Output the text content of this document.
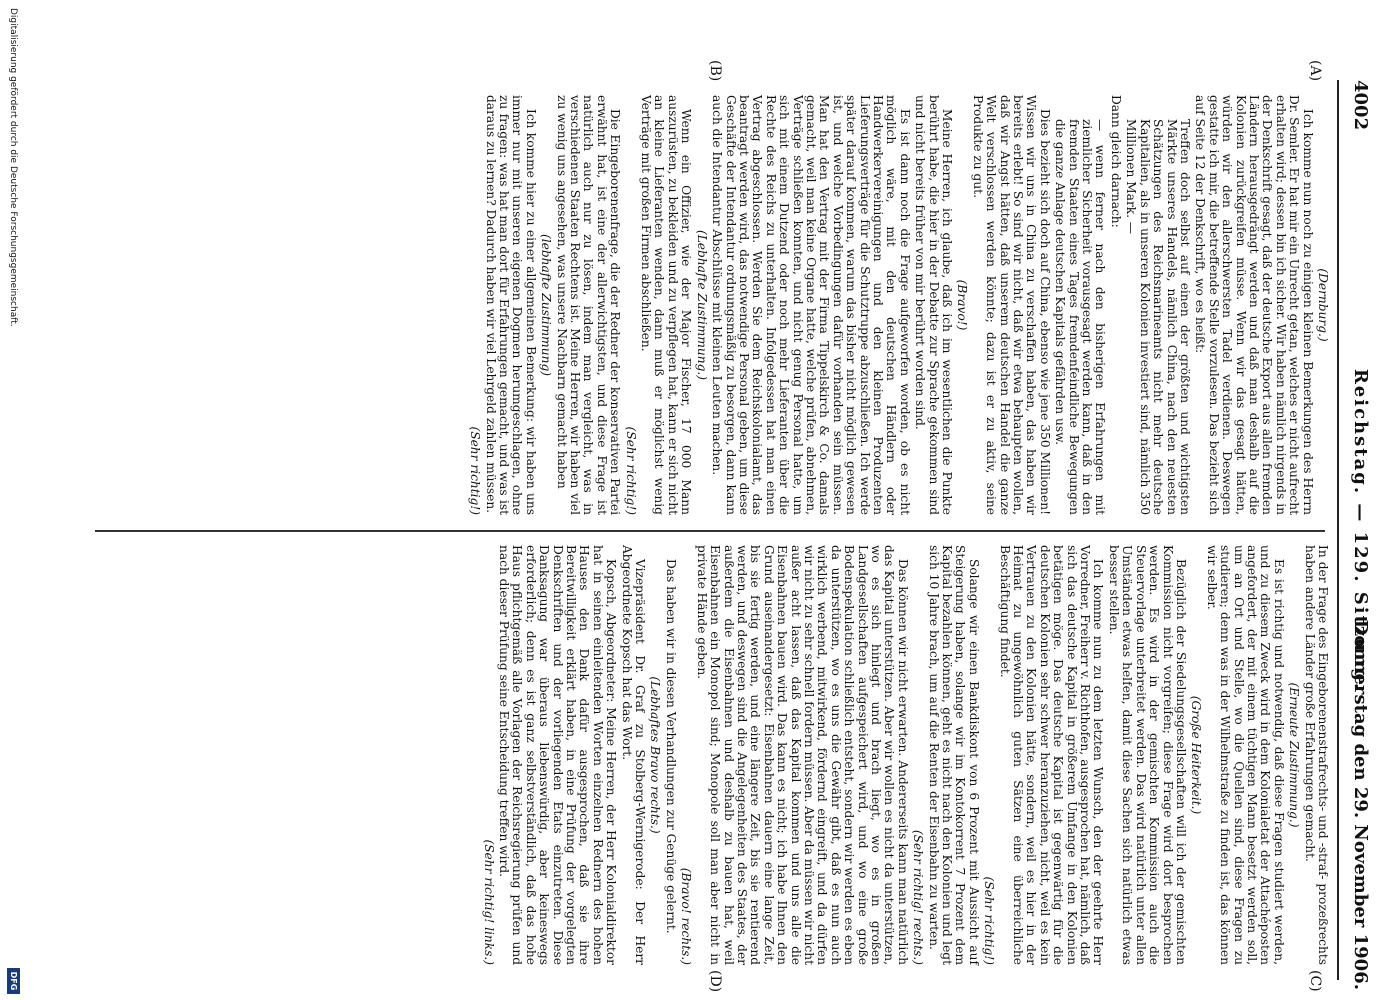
4002
Reichstag. — 129. Sitzung.
Donnerstag den 29. November 1906.
(A)
(B)
(C)
(D)

(Dernburg.)

Ich komme nun noch zu einigen kleinen Bemerkungen des Herrn Dr. Semler. Er hat mir ein Unrecht getan, welches er nicht aufrecht erhalten wird; dessen bin ich sicher. Wir haben nämlich nirgends in der Denkschrift gesagt, daß der deutsche Export aus allen fremden Ländern herausgedrängt werden und daß man deshalb auf die Kolonien zurückgreifen müsse. Wenn wir das gesagt hätten, würden wir den allerschwersten Tadel verdienen. Deswegen gestatte ich mir, die betreffende Stelle vorzulesen. Das bezieht sich auf Seite 12 der Denkschrift, wo es heißt:

Treffen doch selbst auf einen der größten und wichtigsten Märkte unseres Handels, nämlich China, nach den neuesten Schätzungen des Reichsmarineamts nicht mehr deutsche Kapitalien, als in unseren Kolonien investiert sind, nämlich 350 Millionen Mark. —

Dann gleich darnach:

— wenn ferner nach den bisherigen Erfahrungen mit ziemlicher Sicherheit vorausgesagt werden kann, daß in den fremden Staaten eines Tages fremdenfeindliche Bewegungen die ganze Anlage deutschen Kapitals gefährden usw.

Dies bezieht sich doch auf China, ebenso wie jene 350 Millionen! Wissen wir uns in China zu verschaffen haben, das haben wir bereits erlebt! So sind wir nicht, daß wir etwa behaupten wollen, daß wir Angst hätten, daß unserem deutschen Handel die ganze Welt verschlossen werden könnte; dazu ist er zu aktiv, seine Produkte zu gut.

(Bravo!)

Meine Herren, ich glaube, daß ich im wesentlichen die Punkte berührt habe, die hier in der Debatte zur Sprache gekommen sind und nicht bereits früher von mir berührt worden sind.

Es ist dann noch die Frage aufgeworfen worden, ob es nicht möglich wäre, mit den deutschen Händlern oder Handwerkervereinigungen und den kleinen Produzenten Lieferungsverträge für die Schutztruppe abzuschließen. Ich werde später darauf kommen, warum das bisher nicht möglich gewesen ist, und welche Vorbedingungen dafür vorhanden sein müssen. Man hat den Vertrag mit der Firma Tippelskirch & Co. damals gemacht, weil man keine Organe hatte, welche prüfen, abnehmen, Verträge schließen konnten, und nicht genug Personal hatte, um sich mit einem Dutzend oder noch mehr Lieferanten über die Rechte des Reichs zu unterhalten. Infolgedessen hat man einen Vertrag abgeschlossen. Werden Sie dem Reichskolonialamt, das beantragt werden wird, das notwendige Personal geben, um diese Geschäfte der Intendantur ordnungsmäßig zu besorgen, dann kann auch die Intendantur Abschlüsse mit kleinen Leuten machen.

(Lebhafte Zustimmung.)

Wenn ein Offizier, wie der Major Fischer, 17 000 Mann auszurüsten, zu bekleiden und zu verpflegen hat, kann er sich nicht an kleine Lieferanten wenden, dann muß er möglichst wenig Verträge mit großen Firmen abschließen.

(Sehr richtig!)

Die Eingeborenenfrage, die der Redner der konservativen Partei erwähnt hat, ist eine der allerwichtigsten, und diese Frage ist natürlich auch nur zu lösen, indem man vergleicht, was in verschiedenen Staaten Rechtens ist. Meine Herren, wir haben viel zu wenig uns angesehen, was unsere Nachbarn gemacht haben

(lebhafte Zustimmung)

Ich komme hier zu einer allgemeinen Bemerkung: wir haben uns immer nur mit unseren eigenen Dogmen herumgeschlagen, ohne zu fragen: was hat man dort für Erfahrungen gemacht, und was ist daraus zu lernen? Dadurch haben wir viel Lehrgeld zahlen müssen.

(Sehr richtig!)

In der Frage des Eingeborenenstrafrechts- und -straf- prozeßrechts haben andere Länder große Erfahrungen gemacht.

(Erneute Zustimmung.)

Es ist richtig und notwendig, daß diese Fragen studiert werden, und zu diesem Zweck wird in dem Kolonialetat der Attachéposten angefordert, der mit einem tüchtigen Mann besetzt werden soll, um an Ort und Stelle, wo die Quellen sind, diese Fragen zu studieren; denn was in der Wilhelmstraße zu finden ist, das können wir selber.

(Große Heiterkeit.)

Bezüglich der Siedelungsgesellschaften will ich der gemischten Kommission nicht vorgreifen; diese Frage wird dort besprochen werden. Es wird in der gemischten Kommission auch die Steuervorlage unterbreitet werden. Das wird natürlich unter allen Umständen etwas helfen, damit diese Sachen sich natürlich etwas besser stellen.

Ich komme nun zu dem letzten Wunsch, den der geehrte Herr Vorredner, Freiherr v. Richthofen, ausgesprochen hat, nämlich, daß sich das deutsche Kapital in größerem Umfange in den Kolonien betätigen möge. Das deutsche Kapital ist gegenwärtig für die deutschen Kolonien sehr schwer heranzuziehen, nicht, weil es kein Vertrauen zu den Kolonien hätte, sondern, weil es hier in der Heimat zu ungewöhnlich guten Sätzen eine überreichliche Beschäftigung findet.

(Sehr richtig!)

Solange wir einen Bankdiskont von 6 Prozent mit Aussicht auf Steigerung haben, solange wir im Kontokorrent 7 Prozent dem Kapital bezahlen können, geht es nicht nach den Kolonien und legt sich 10 Jahre brach, um auf die Renten der Eisenbahn zu warten.

(Sehr richtig! rechts.)

Das können wir nicht erwarten. Andererseits kann man natürlich das Kapital unterstützen. Aber wir wollen es nicht da unterstützen, wo es sich hinlegt und brach liegt, wo es in großen Landgesellschaften aufgespeichert wird, und wo eine große Bodenspekulation schließlich entsteht, sondern wir werden es eben da unterstützen, wo es uns die Gewähr gibt, daß es nun auch wirklich werbend, mitwirkend, fördernd eingreift, und da dürfen wir nicht zu sehr schnell fordern müssen. Aber da müssen wir nicht außer acht lassen, daß das Kapital kommen und uns alle die Eisenbahnen bauen wird. Das kann es nicht; ich habe Ihnen den Grund auseinandergesetzt: Eisenbahnen dauern eine lange Zeit, bis sie fertig werden, und eine längere Zeit, bis sie rentierend werden, und deswegen sind die Angelegenheiten des Staates, der außerdem die Eisenbahnen und deshalb zu bauen hat, weil Eisenbahnen ein Monopol sind; Monopole soll man aber nicht in private Hände geben.

(Bravo! rechts.)

Das haben wir in diesen Verhandlungen zur Genüge gelernt.

(Lebhaftes Bravo rechts.)

Vizepräsident Dr. Graf zu Stolberg-Wernigerode: Der Herr Abgeordnete Kopsch hat das Wort.

Kopsch, Abgeordneter: Meine Herren, der Herr Kolonialdirektor hat in seinen einleitenden Worten einzelnen Rednern des hohen Hauses den Dank dafür ausgesprochen, daß sie ihre Bereitwilligkeit erklärt haben, in eine Prüfung der vorgelegten Denkschriften und der vorliegenden Etats einzutreten. Diese Danksagung war überaus liebenswürdig, aber keineswegs erforderlich; denn es ist ganz selbstverständlich, daß das hohe Haus pflichtgemäß alle Vorlagen der Reichsregierung prüfen und nach dieser Prüfung seine Entscheidung treffen wird.

(Sehr richtig! links.)

Digitalisierung gefördert durch die Deutsche Forschungsgemeinschaft.
DFG
